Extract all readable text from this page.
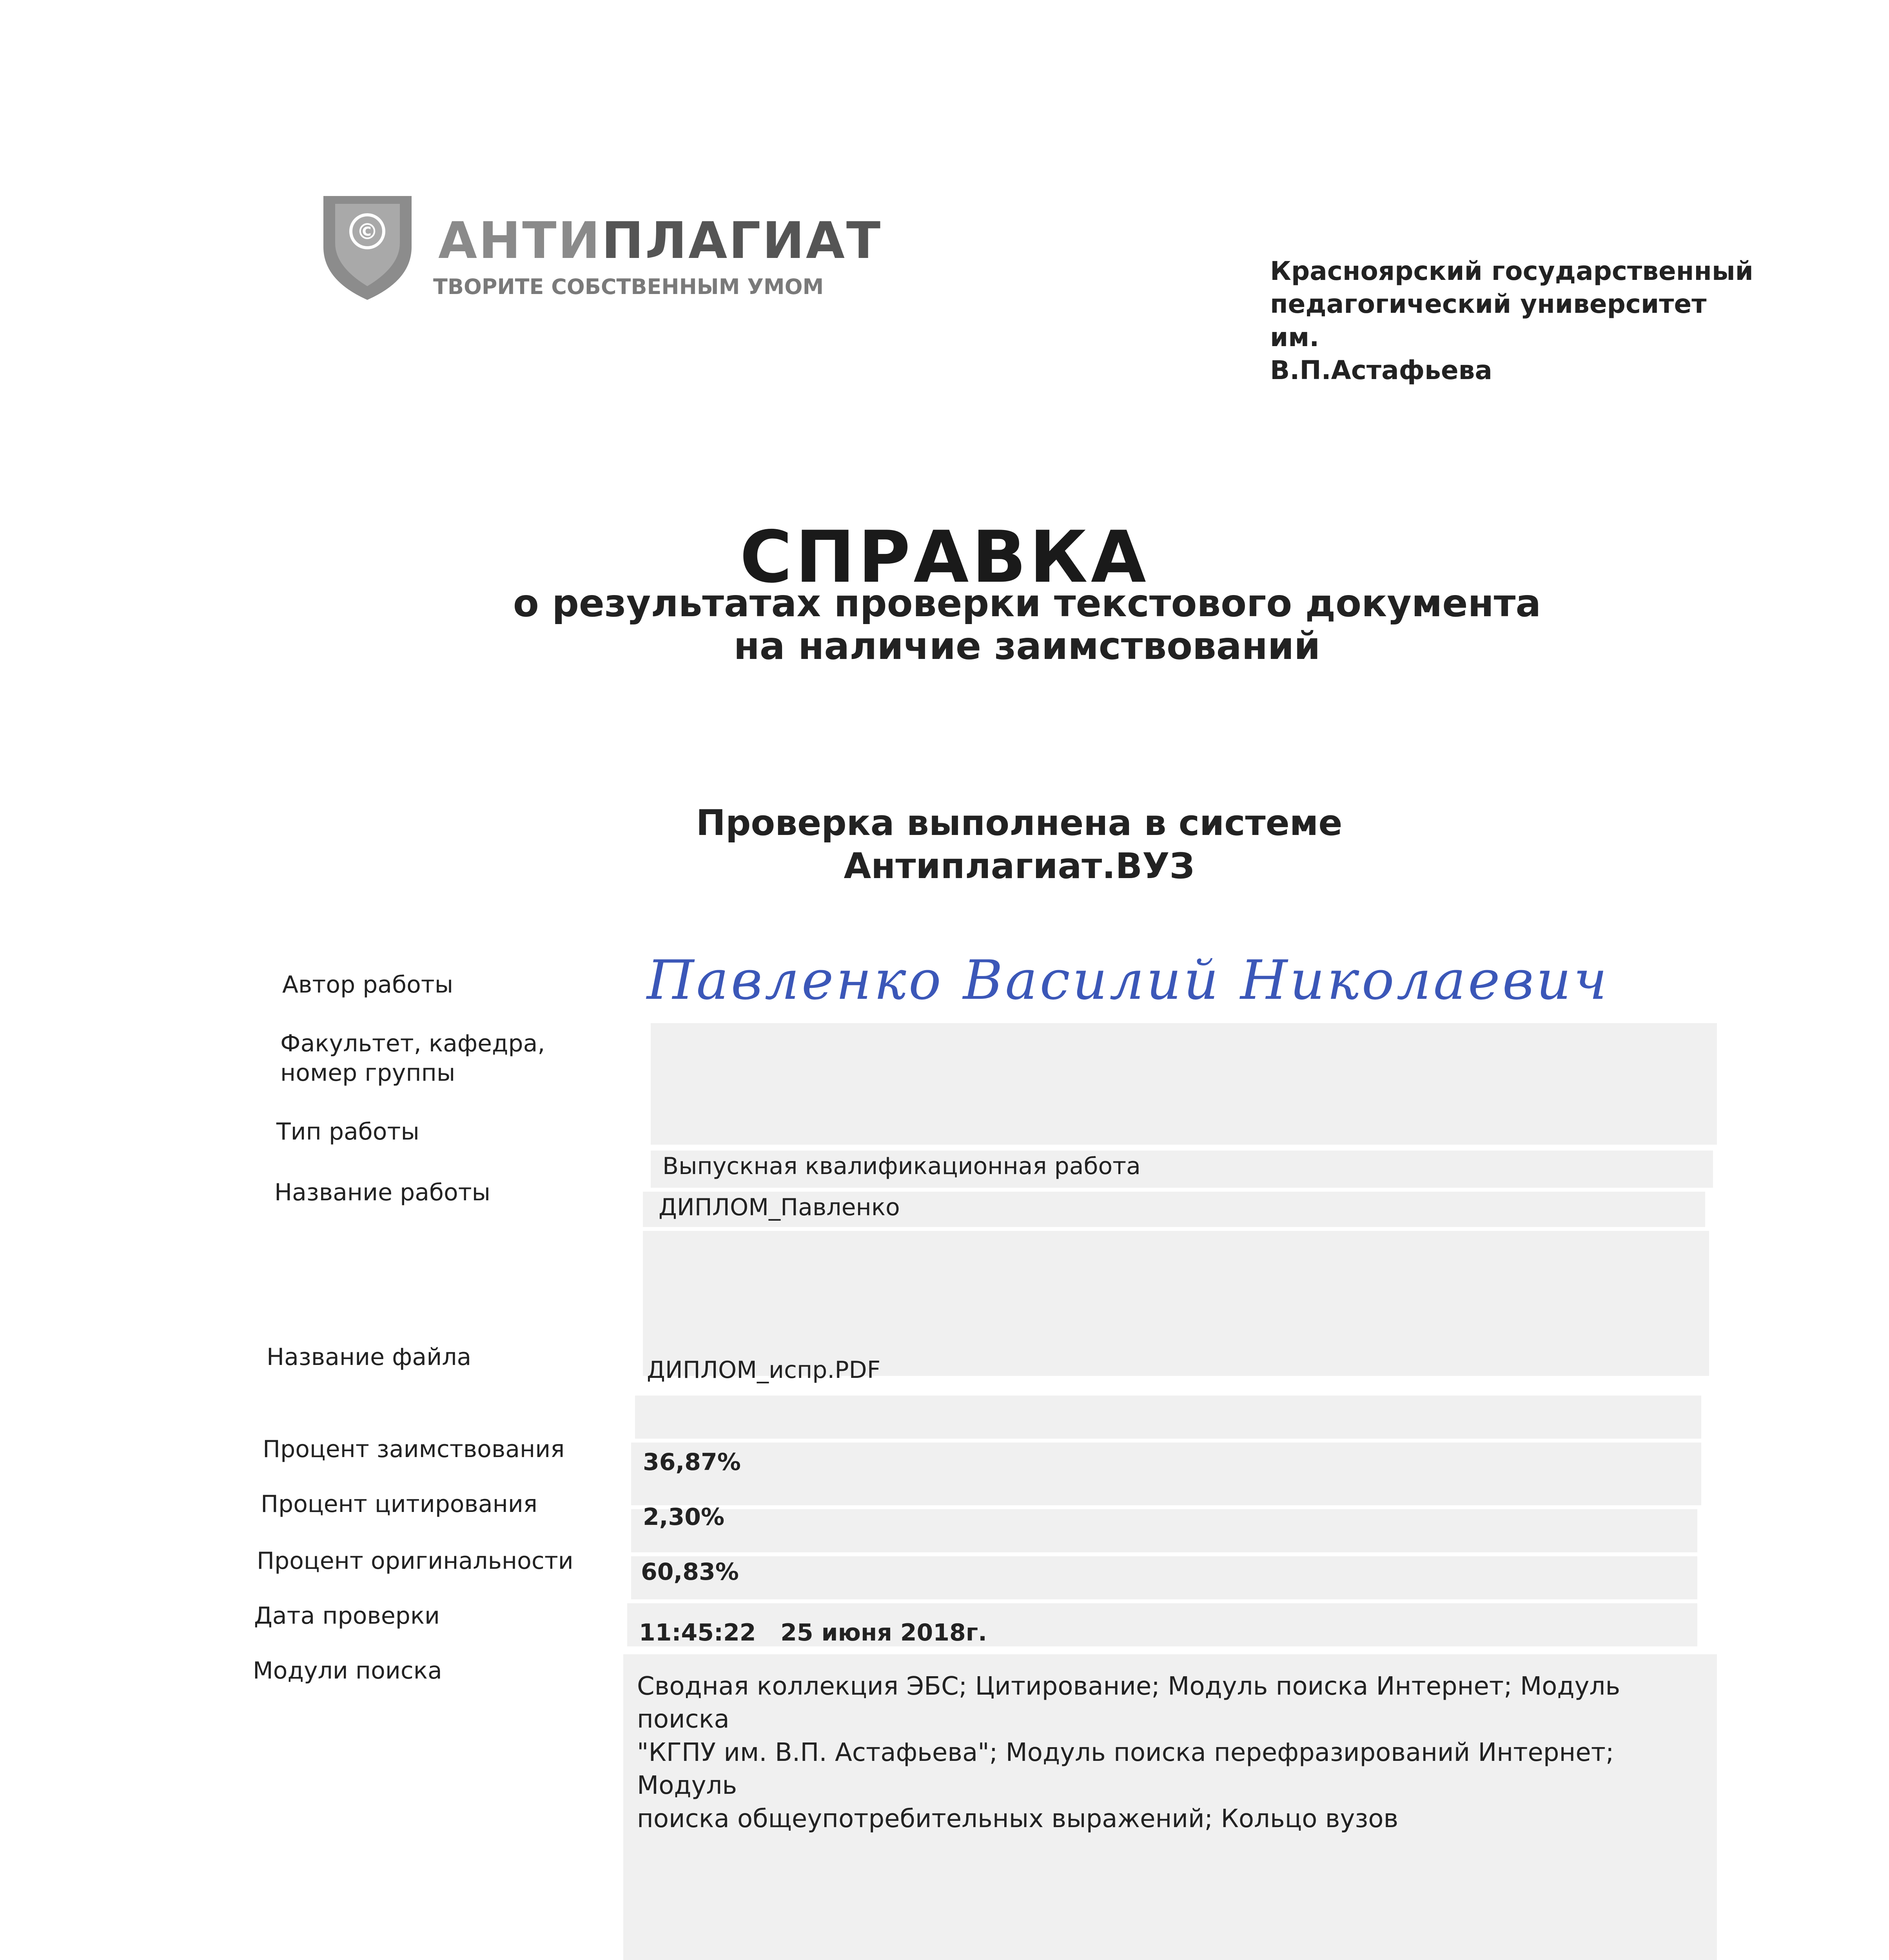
© АНТИПЛАГИАТ
ТВОРИТЕ СОБСТВЕННЫМ УМОМ
Красноярский государственный
педагогический университет им.
В.П.Астафьева
СПРАВКА
о результатах проверки текстового документа
на наличие заимствований
Проверка выполнена в системе
Антиплагиат.ВУЗ
Автор работы
Факультет, кафедра,
номер группы
Тип работы
Название работы
Название файла
Процент заимствования
Процент цитирования
Процент оригинальности
Дата проверки
Модули поиска
Павленко Василий Николаевич
Выпускная квалификационная работа
ДИПЛОМ_Павленко
ДИПЛОМ_испр.PDF
36,87%
2,30%
60,83%
11:45:22 25 июня 2018г.
Сводная коллекция ЭБС; Цитирование; Модуль поиска Интернет; Модуль поиска
"КГПУ им. В.П. Астафьева"; Модуль поиска перефразирований Интернет; Модуль
поиска общеупотребительных выражений; Кольцо вузов
